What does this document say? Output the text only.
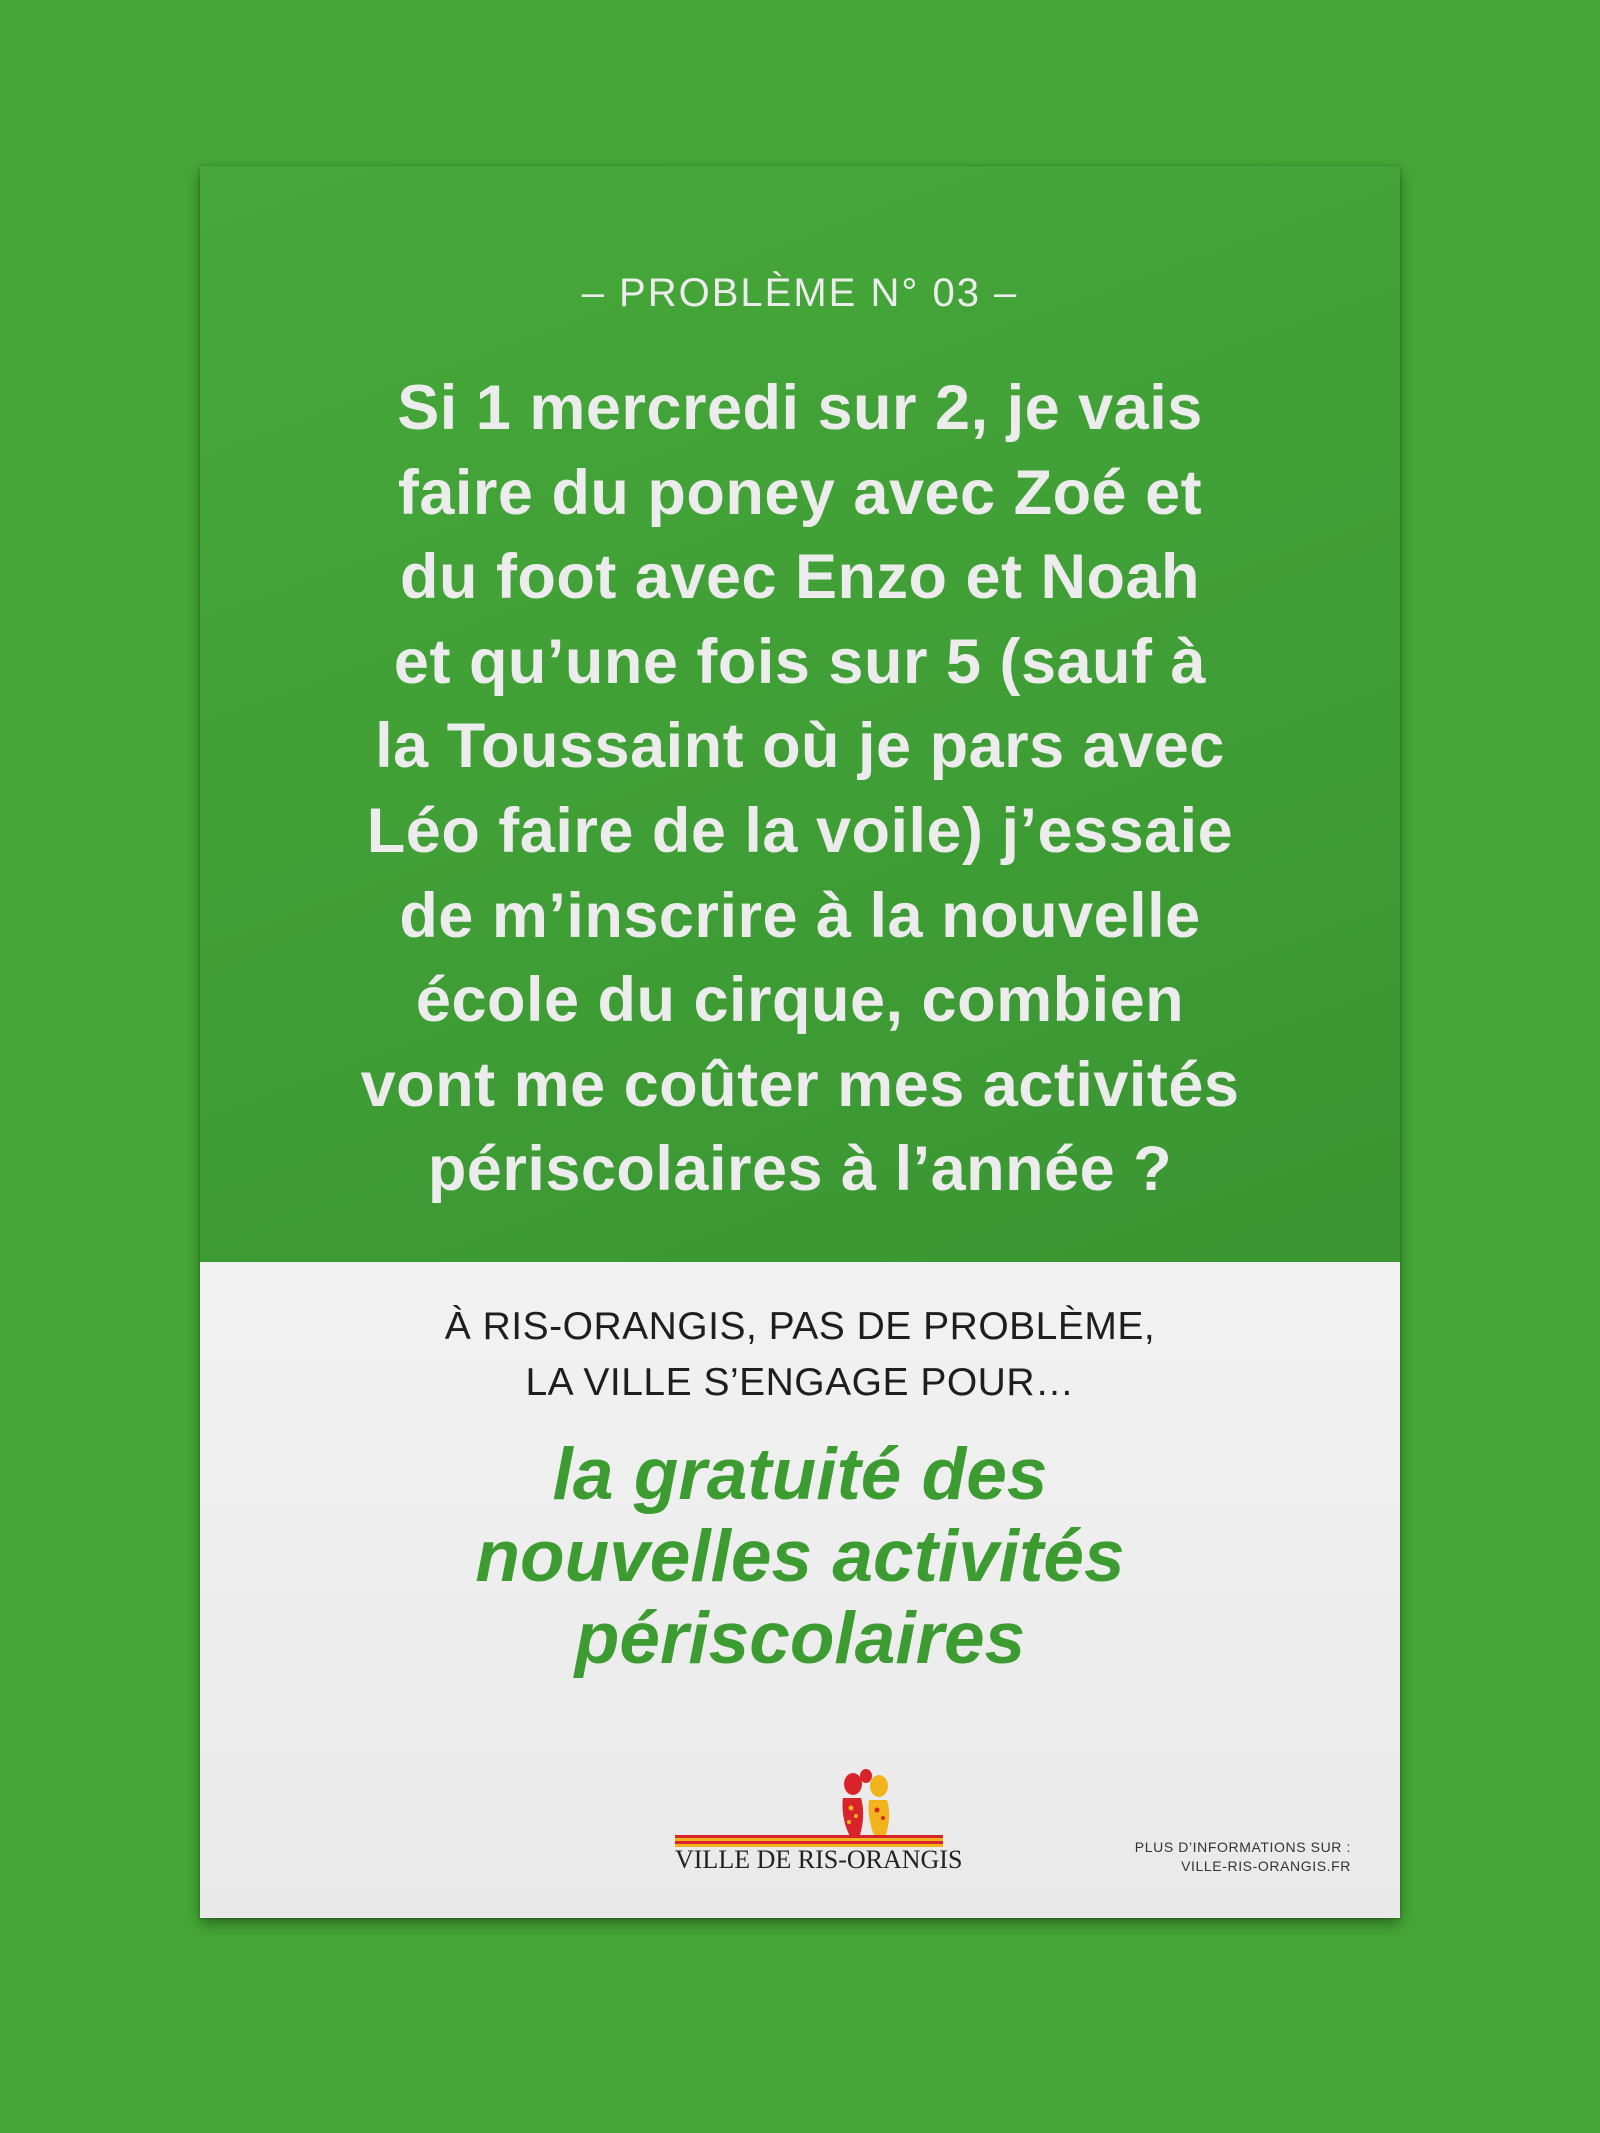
– PROBLÈME N° 03 –
Si 1 mercredi sur 2, je vais
faire du poney avec Zoé et
du foot avec Enzo et Noah
et qu’une fois sur 5 (sauf à
la Toussaint où je pars avec
Léo faire de la voile) j’essaie
de m’inscrire à la nouvelle
école du cirque, combien
vont me coûter mes activités
périscolaires à l’année ?
À RIS-ORANGIS, PAS DE PROBLÈME,
LA VILLE S’ENGAGE POUR…
la gratuité des
nouvelles activités
périscolaires
VILLE DE RIS-ORANGIS	PLUS D’INFORMATIONS SUR :
VILLE-RIS-ORANGIS.FR
